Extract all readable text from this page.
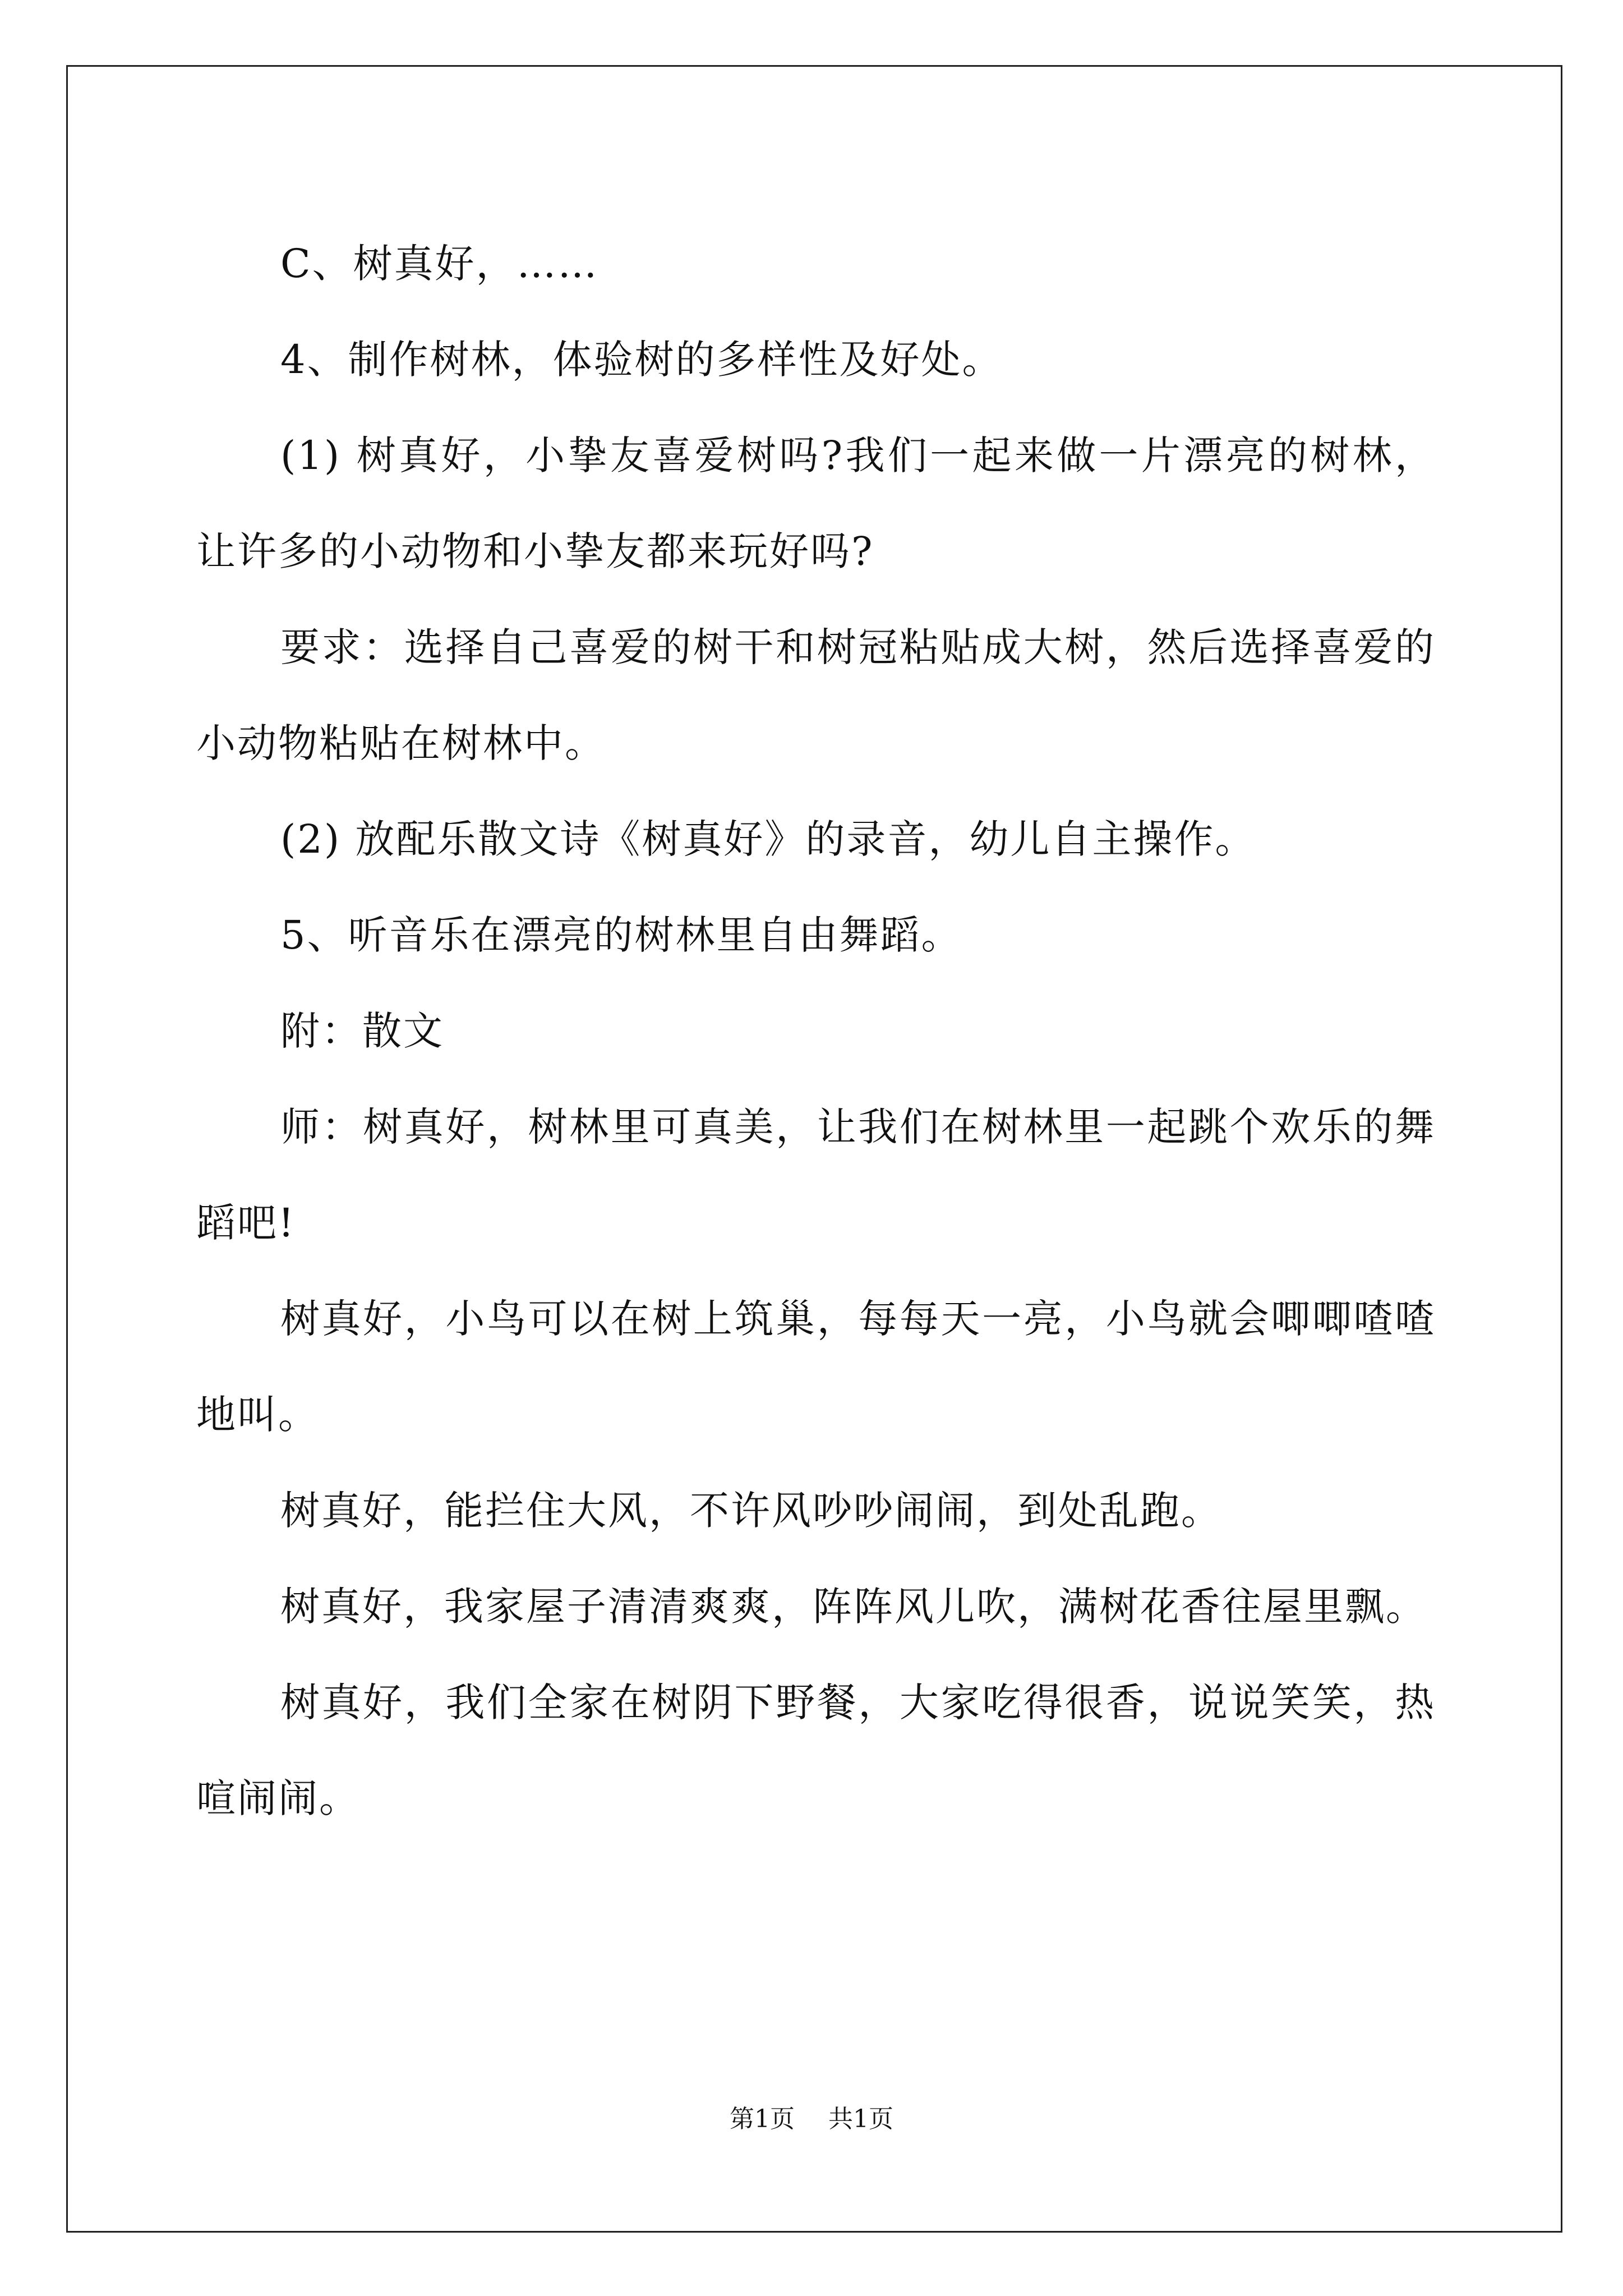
C、树真好，……

4、制作树林，体验树的多样性及好处。

(1) 树真好，小挚友喜爱树吗?我们一起来做一片漂亮的树林，让许多的小动物和小挚友都来玩好吗?

要求：选择自己喜爱的树干和树冠粘贴成大树，然后选择喜爱的小动物粘贴在树林中。

(2) 放配乐散文诗《树真好》的录音，幼儿自主操作。

5、听音乐在漂亮的树林里自由舞蹈。

附：散文

师：树真好，树林里可真美，让我们在树林里一起跳个欢乐的舞蹈吧!

树真好，小鸟可以在树上筑巢，每每天一亮，小鸟就会唧唧喳喳地叫。

树真好，能拦住大风，不许风吵吵闹闹，到处乱跑。

树真好，我家屋子清清爽爽，阵阵风儿吹，满树花香往屋里飘。

树真好，我们全家在树阴下野餐，大家吃得很香，说说笑笑，热喧闹闹。

第1页 共1页
